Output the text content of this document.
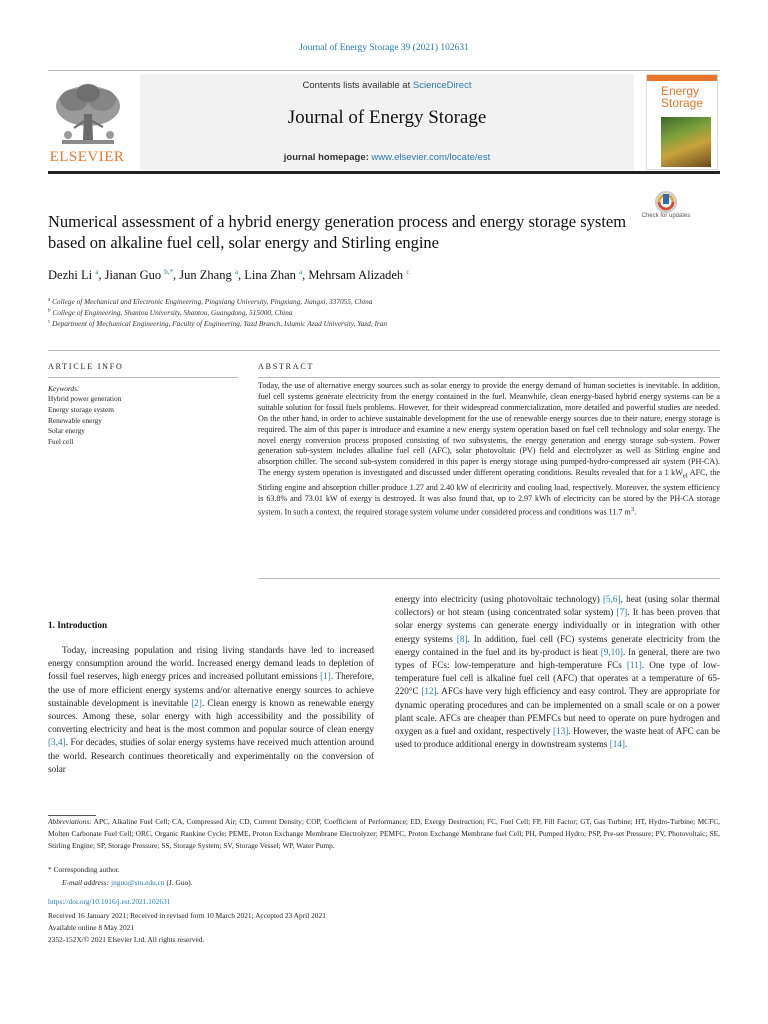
Journal of Energy Storage 39 (2021) 102631
ELSEVIER
Contents lists available at ScienceDirect
Journal of Energy Storage
journal homepage: www.elsevier.com/locate/est
Energy
Storage
Numerical assessment of a hybrid energy generation process and energy storage system based on alkaline fuel cell, solar energy and Stirling engine
Check for updates
Dezhi Li $^a$, Jianan Guo $^{b,*}$, Jun Zhang $^a$, Lina Zhan $^a$, Mehrsam Alizadeh $^c$
$^a$ College of Mechanical and Electronic Engineering, Pingxiang University, Pingxiang, Jiangxi, 337055, China
$^b$ College of Engineering, Shantou University, Shantou, Guangdong, 515000, China
$^c$ Department of Mechanical Engineering, Faculty of Engineering, Yazd Branch, Islamic Azad University, Yazd, Iran
ARTICLE INFO
Keywords:
Hybrid power generation
Energy storage system
Renewable energy
Solar energy
Fuel cell
ABSTRACT
Today, the use of alternative energy sources such as solar energy to provide the energy demand of human societies is inevitable. In addition, fuel cell systems generate electricity from the energy contained in the fuel. Meanwhile, clean energy-based hybrid energy systems can be a suitable solution for fossil fuels problems. However, for their widespread commercialization, more detailed and powerful studies are needed. On the other hand, in order to achieve sustainable development for the use of renewable energy sources due to their nature, energy storage is required. The aim of this paper is introduce and examine a new energy system operation based on fuel cell technology and solar energy. The novel energy conversion process proposed consisting of two subsystems, the energy generation and energy storage sub-system. Power generation sub-system includes alkaline fuel cell (AFC), solar photovoltaic (PV) field and electrolyzer as well as Stirling engine and absorption chiller. The second sub-system considered in this paper is energy storage using pumped-hydro-compressed air system (PH-CA). The energy system operation is investigated and discussed under different operating conditions. Results revealed that for a 1 $kW_{el}$ AFC, the Stirling engine and absorption chiller produce 1.27 and 2.40 kW of electricity and cooling load, respectively. Moreover, the system efficiency is 63.8% and 73.01 kW of exergy is destroyed. It was also found that, up to 2.97 kWh of electricity can be stored by the PH-CA storage system. In such a context, the required storage system volume under considered process and conditions was 11.7 $m^3$.
1. Introduction
Today, increasing population and rising living standards have led to increased energy consumption around the world. Increased energy demand leads to depletion of fossil fuel reserves, high energy prices and increased pollutant emissions [1]. Therefore, the use of more efficient energy systems and/or alternative energy sources to achieve sustainable development is inevitable [2]. Clean energy is known as renewable energy sources. Among these, solar energy with high accessibility and the possibility of converting electricity and heat is the most common and popular source of clean energy [3,4]. For decades, studies of solar energy systems have received much attention around the world. Research continues theoretically and experimentally on the conversion of solar
energy into electricity (using photovoltaic technology) [5,6], heat (using solar thermal collectors) or hot steam (using concentrated solar system) [7]. It has been proven that solar energy systems can generate energy individually or in integration with other energy systems [8]. In addition, fuel cell (FC) systems generate electricity from the energy contained in the fuel and its by-product is heat [9,10]. In general, there are two types of FCs: low-temperature and high-temperature FCs [11]. One type of low-temperature fuel cell is alkaline fuel cell (AFC) that operates at a temperature of 65-220°C [12]. AFCs have very high efficiency and easy control. They are appropriate for dynamic operating procedures and can be implemented on a small scale or on a power plant scale. AFCs are cheaper than PEMFCs but need to operate on pure hydrogen and oxygen as a fuel and oxidant, respectively [13]. However, the waste heat of AFC can be used to produce additional energy in downstream systems [14].
Abbreviations: APC, Alkaline Fuel Cell; CA, Compressed Air; CD, Current Density; COP, Coefficient of Performance; ED, Exergy Destruction; FC, Fuel Cell; FP, Fill Factor; GT, Gas Turbine; HT, Hydro-Turbine; MCFC, Molten Carbonate Fuel Cell; ORC, Organic Rankine Cycle; PEME, Proton Exchange Membrane Electrolyzer; PEMFC, Proton Exchange Membrane fuel Cell; PH, Pumped Hydro; PSP, Pre-set Pressure; PV, Photovoltaic; SE, Stirling Engine; SP, Storage Pressure; SS, Storage System; SV, Storage Vessel; WP, Water Pump.
* Corresponding author.
E-mail address: jnguo@stu.edu.cn (J. Guo).
https://doi.org/10.1016/j.est.2021.102631
Received 16 January 2021; Received in revised form 10 March 2021; Accepted 23 April 2021
Available online 8 May 2021
2352-152X/© 2021 Elsevier Ltd. All rights reserved.
